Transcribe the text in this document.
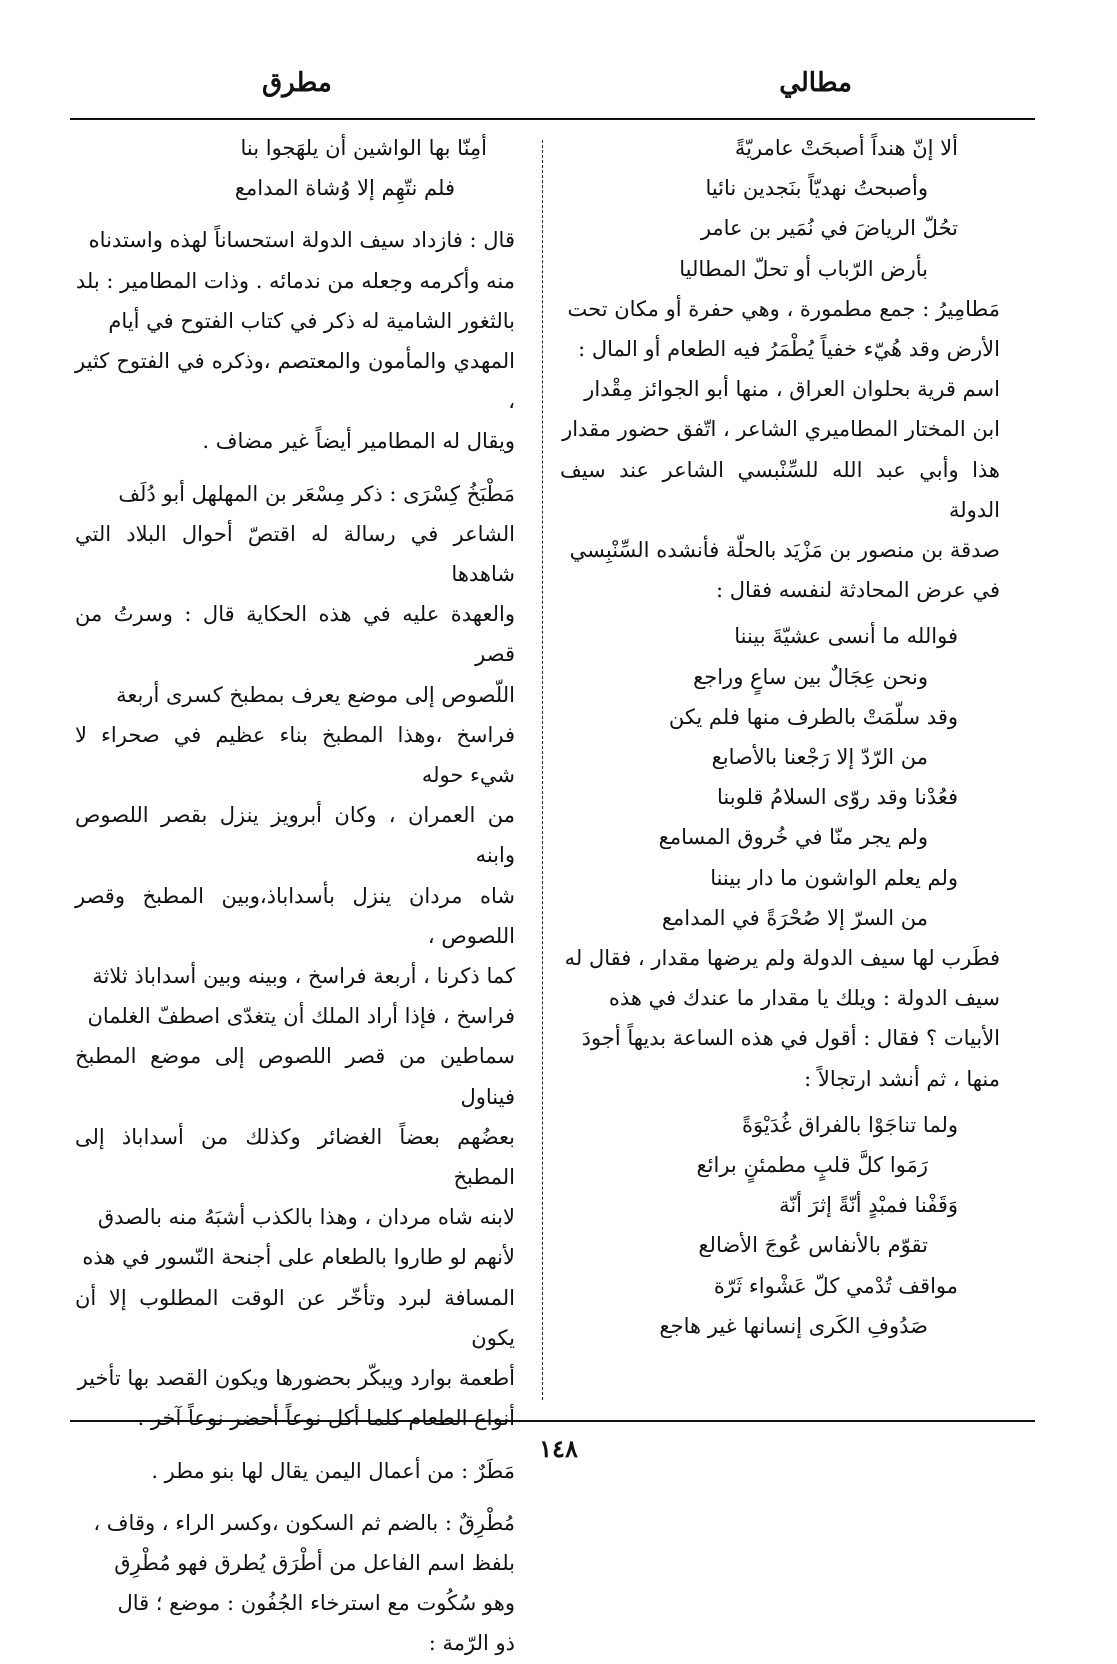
مطالي
مطرق
ألا إنّ هنداً أصبحَتْ عامريّةً
وأصبحتُ نهديّاً بنَجدين نائيا
تحُلّ الرياضَ في نُمَير بن عامر
بأرض الرّباب أو تحلّ المطاليا

مَطامِيرُ : جمع مطمورة ، وهي حفرة أو مكان تحت
الأرض وقد هُيّء خفياً يُطْمَرُ فيه الطعام أو المال :
اسم قرية بحلوان العراق ، منها أبو الجوائز مِقْدار
ابن المختار المطاميري الشاعر ، اتّفق حضور مقدار
هذا وأبي عبد الله للسِّنْبسي الشاعر عند سيف الدولة
صدقة بن منصور بن مَزْيَد بالحلّة فأنشده السِّنْبِسي
في عرض المحادثة لنفسه فقال :

فوالله ما أنسى عشيّةَ بيننا
ونحن عِجَالٌ بين ساعٍ وراجع
وقد سلّمَتْ بالطرف منها فلم يكن
من الرّدّ إلا رَجْعنا بالأصابع
فعُدْنا وقد روّى السلامُ قلوبنا
ولم يجر منّا في خُروق المسامع
ولم يعلم الواشون ما دار بيننا
من السرّ إلا صُحْرَةً في المدامع

فطَرب لها سيف الدولة ولم يرضها مقدار ، فقال له
سيف الدولة : ويلك يا مقدار ما عندك في هذه
الأبيات ؟ فقال : أقول في هذه الساعة بديهاً أجودَ
منها ، ثم أنشد ارتجالاً :

ولما تناجَوْا بالفراق غُدَيْوَةً
رَمَوا كلَّ قلبٍ مطمئنٍ برائع
وَقَفْنا فمبْدٍ أنّةً إثرَ أنّة
تقوّم بالأنفاس عُوجَ الأضالع
مواقف تُدْمي كلّ عَشْواء ثَرّة
صَدُوفِ الكَرى إنسانها غير هاجع
أمِنّا بها الواشين أن يلهَجوا بنا
فلم نتّهِم إلا وُشاة المدامع

قال : فازداد سيف الدولة استحساناً لهذه واستدناه
منه وأكرمه وجعله من ندمائه . وذات المطامير : بلد
بالثغور الشامية له ذكر في كتاب الفتوح في أيام
المهدي والمأمون والمعتصم ،وذكره في الفتوح كثير ،
ويقال له المطامير أيضاً غير مضاف .

مَطْبَخُ كِسْرَى : ذكر مِسْعَر بن المهلهل أبو دُلَف
الشاعر في رسالة له اقتصّ أحوال البلاد التي شاهدها
والعهدة عليه في هذه الحكاية قال : وسرتُ من قصر
اللّصوص إلى موضع يعرف بمطبخ كسرى أربعة
فراسخ ،وهذا المطبخ بناء عظيم في صحراء لا شيء حوله
من العمران ، وكان أبرويز ينزل بقصر اللصوص وابنه
شاه مردان ينزل بأسداباذ،وبين المطبخ وقصر اللصوص ،
كما ذكرنا ، أربعة فراسخ ، وبينه وبين أسداباذ ثلاثة
فراسخ ، فإذا أراد الملك أن يتغدّى اصطفّ الغلمان
سماطين من قصر اللصوص إلى موضع المطبخ فيناول
بعضُهم بعضاً الغضائر وكذلك من أسداباذ إلى المطبخ
لابنه شاه مردان ، وهذا بالكذب أشبَهُ منه بالصدق
لأنهم لو طاروا بالطعام على أجنحة النّسور في هذه
المسافة لبرد وتأخّر عن الوقت المطلوب إلا أن يكون
أطعمة بوارد ويبكّر بحضورها ويكون القصد بها تأخير
أنواع الطعام كلما أكل نوعاً أحضر نوعاً آخر .

مَطَرٌ : من أعمال اليمن يقال لها بنو مطر .

مُطْرِقٌ : بالضم ثم السكون ،وكسر الراء ، وقاف ،
بلفظ اسم الفاعل من أطْرَق يُطرق فهو مُطْرِق
وهو سُكُوت مع استرخاء الجُفُون : موضع ؛ قال
ذو الرّمة :

١٤٨
